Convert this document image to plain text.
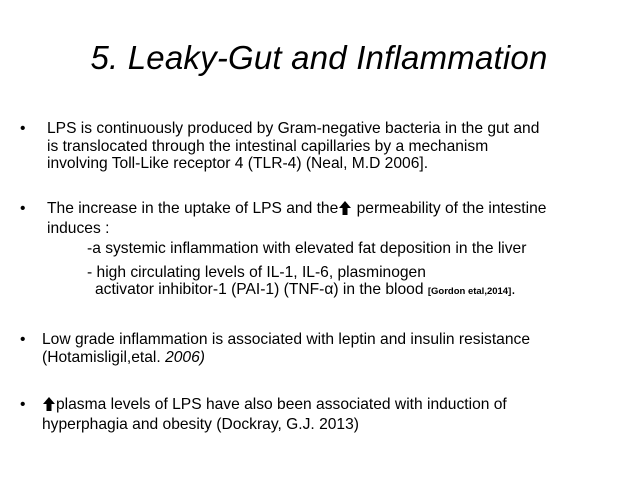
5. Leaky-Gut and Inflammation
•	LPS is continuously produced by Gram-negative bacteria in the gut and
is translocated through the intestinal capillaries by a mechanism
involving Toll-Like receptor 4 (TLR-4) (Neal, M.D 2006].
•	The increase in the uptake of LPS and the permeability of the intestine
induces :
-a systemic inflammation with elevated fat deposition in the liver
- high circulating levels of IL-1, IL-6, plasminogen
activator inhibitor-1 (PAI-1) (TNF-α) in the blood [Gordon etal,2014].
•	Low grade inflammation is associated with leptin and insulin resistance
(Hotamisligil,etal. 2006)
•	plasma levels of LPS have also been associated with induction of
hyperphagia and obesity (Dockray, G.J. 2013)
